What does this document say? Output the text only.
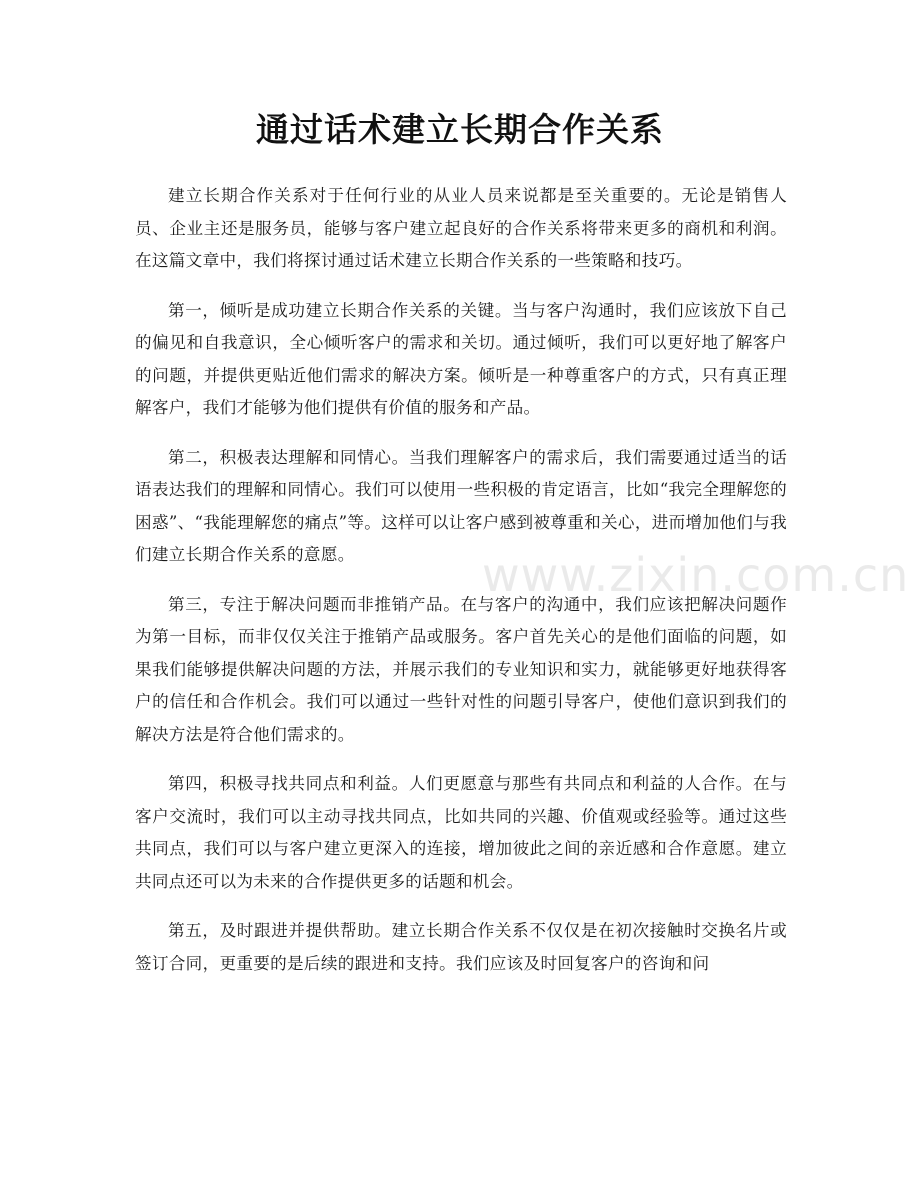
通过话术建立长期合作关系

建立长期合作关系对于任何行业的从业人员来说都是至关重要的。无论是销售人员、企业主还是服务员，能够与客户建立起良好的合作关系将带来更多的商机和利润。在这篇文章中，我们将探讨通过话术建立长期合作关系的一些策略和技巧。

第一，倾听是成功建立长期合作关系的关键。当与客户沟通时，我们应该放下自己的偏见和自我意识，全心倾听客户的需求和关切。通过倾听，我们可以更好地了解客户的问题，并提供更贴近他们需求的解决方案。倾听是一种尊重客户的方式，只有真正理解客户，我们才能够为他们提供有价值的服务和产品。

第二，积极表达理解和同情心。当我们理解客户的需求后，我们需要通过适当的话语表达我们的理解和同情心。我们可以使用一些积极的肯定语言，比如“我完全理解您的困惑”、“我能理解您的痛点”等。这样可以让客户感到被尊重和关心，进而增加他们与我们建立长期合作关系的意愿。

第三，专注于解决问题而非推销产品。在与客户的沟通中，我们应该把解决问题作为第一目标，而非仅仅关注于推销产品或服务。客户首先关心的是他们面临的问题，如果我们能够提供解决问题的方法，并展示我们的专业知识和实力，就能够更好地获得客户的信任和合作机会。我们可以通过一些针对性的问题引导客户，使他们意识到我们的解决方法是符合他们需求的。

第四，积极寻找共同点和利益。人们更愿意与那些有共同点和利益的人合作。在与客户交流时，我们可以主动寻找共同点，比如共同的兴趣、价值观或经验等。通过这些共同点，我们可以与客户建立更深入的连接，增加彼此之间的亲近感和合作意愿。建立共同点还可以为未来的合作提供更多的话题和机会。

第五，及时跟进并提供帮助。建立长期合作关系不仅仅是在初次接触时交换名片或签订合同，更重要的是后续的跟进和支持。我们应该及时回复客户的咨询和问

www.zixin.com.cn
